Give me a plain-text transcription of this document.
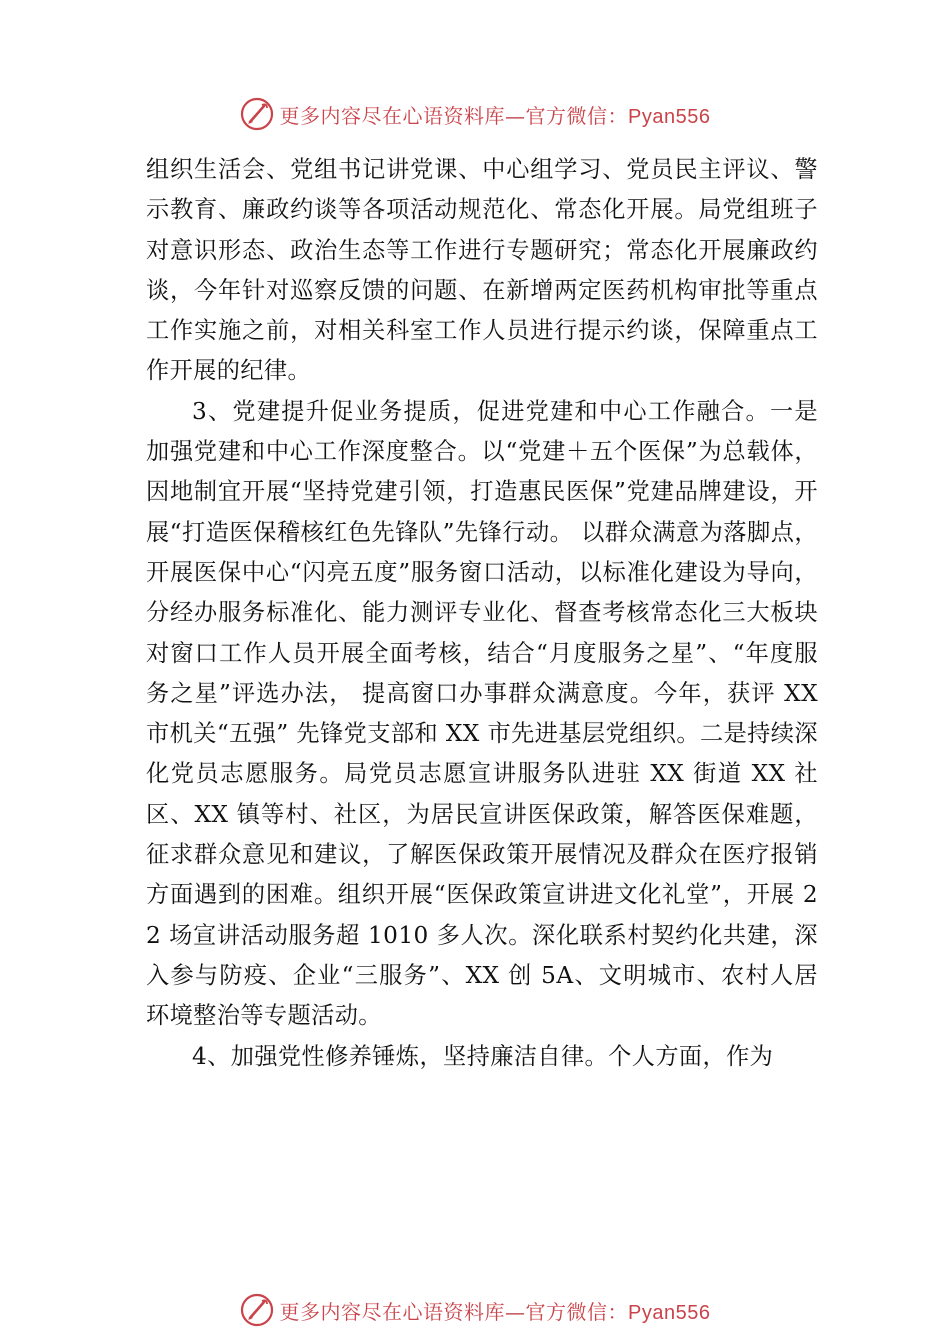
更多内容尽在心语资料库—官方微信：Pyan556

组织生活会、党组书记讲党课、中心组学习、党员民主评议、警示教育、廉政约谈等各项活动规范化、常态化开展。局党组班子对意识形态、政治生态等工作进行专题研究；常态化开展廉政约谈，今年针对巡察反馈的问题、在新增两定医药机构审批等重点工作实施之前，对相关科室工作人员进行提示约谈，保障重点工作开展的纪律。

3、党建提升促业务提质，促进党建和中心工作融合。一是加强党建和中心工作深度整合。以“党建＋五个医保”为总载体，因地制宜开展“坚持党建引领，打造惠民医保”党建品牌建设，开展“打造医保稽核红色先锋队”先锋行动。 以群众满意为落脚点，开展医保中心“闪亮五度”服务窗口活动，以标准化建设为导向，分经办服务标准化、能力测评专业化、督查考核常态化三大板块对窗口工作人员开展全面考核，结合“月度服务之星”、“年度服务之星”评选办法， 提高窗口办事群众满意度。今年，获评 XX 市机关“五强” 先锋党支部和 XX 市先进基层党组织。二是持续深化党员志愿服务。局党员志愿宣讲服务队进驻 XX 街道 XX 社区、XX 镇等村、社区，为居民宣讲医保政策，解答医保难题，征求群众意见和建议，了解医保政策开展情况及群众在医疗报销方面遇到的困难。组织开展“医保政策宣讲进文化礼堂”，开展 22 场宣讲活动服务超 1010 多人次。深化联系村契约化共建，深入参与防疫、企业“三服务”、XX 创 5A、文明城市、农村人居环境整治等专题活动。

4、加强党性修养锤炼，坚持廉洁自律。个人方面，作为

更多内容尽在心语资料库—官方微信：Pyan556
